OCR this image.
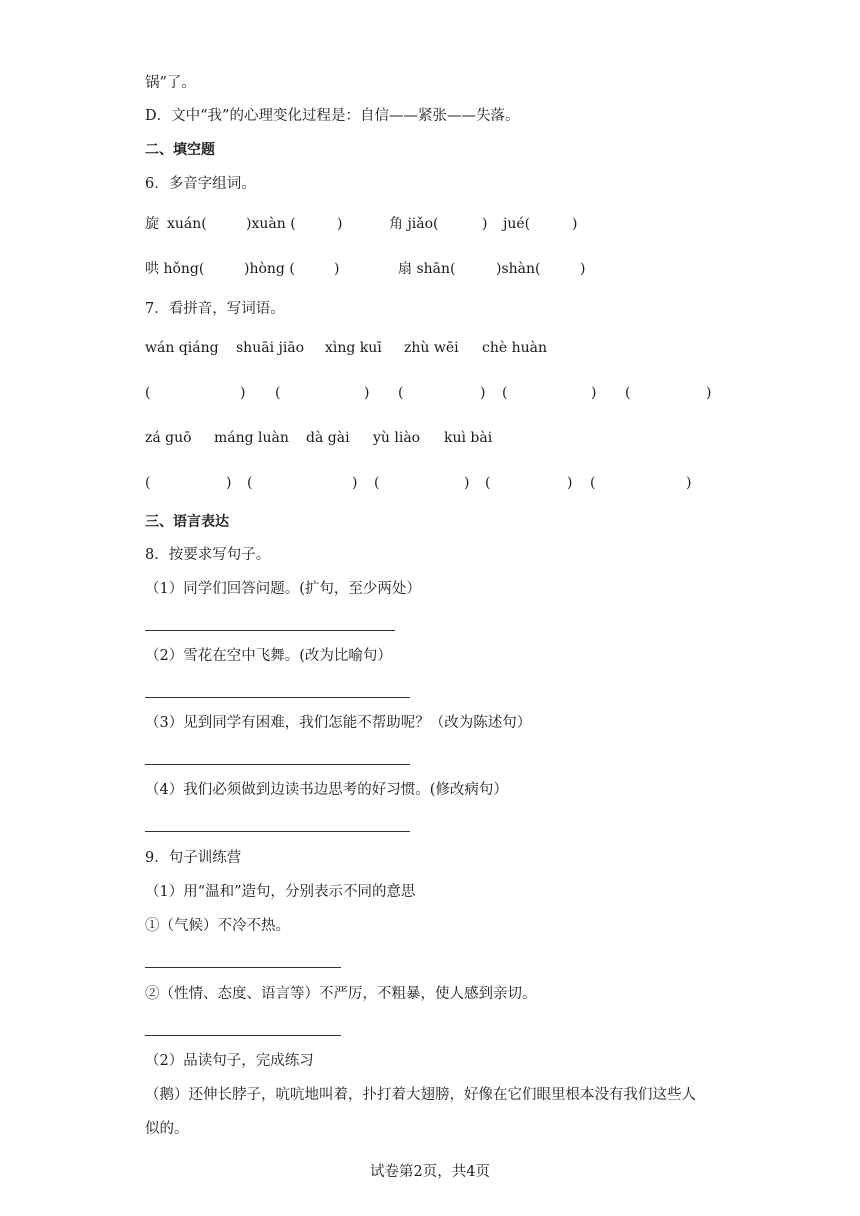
锅”了。
D．文中“我”的心理变化过程是：自信——紧张——失落。
二、填空题
6．多音字组词。
旋 xuán(	)xuàn (	)	角 jiǎo(	) jué(	)
哄 hǒng(	)hòng (	)	扇 shān(	)shàn(	)
7．看拼音，写词语。
wán qiáng shuāi jiāo xìng kuī zhù wēi chè huàn
(	) (	) (	) (	) (	)
zá guō máng luàn dà gài yù liào kuì bài
(	) (	) (	) (	) (	)
三、语言表达
8．按要求写句子。
（1）同学们回答问题。(扩句，至少两处）
（2）雪花在空中飞舞。(改为比喻句）
（3）见到同学有困难，我们怎能不帮助呢？（改为陈述句）
（4）我们必须做到边读书边思考的好习惯。(修改病句）
9．句子训练营
（1）用“温和”造句，分别表示不同的意思
①（气候）不冷不热。
②（性情、态度、语言等）不严厉，不粗暴，使人感到亲切。
（2）品读句子，完成练习
（鹅）还伸长脖子，吭吭地叫着，扑打着大翅膀，好像在它们眼里根本没有我们这些人
似的。
试卷第2页，共4页
